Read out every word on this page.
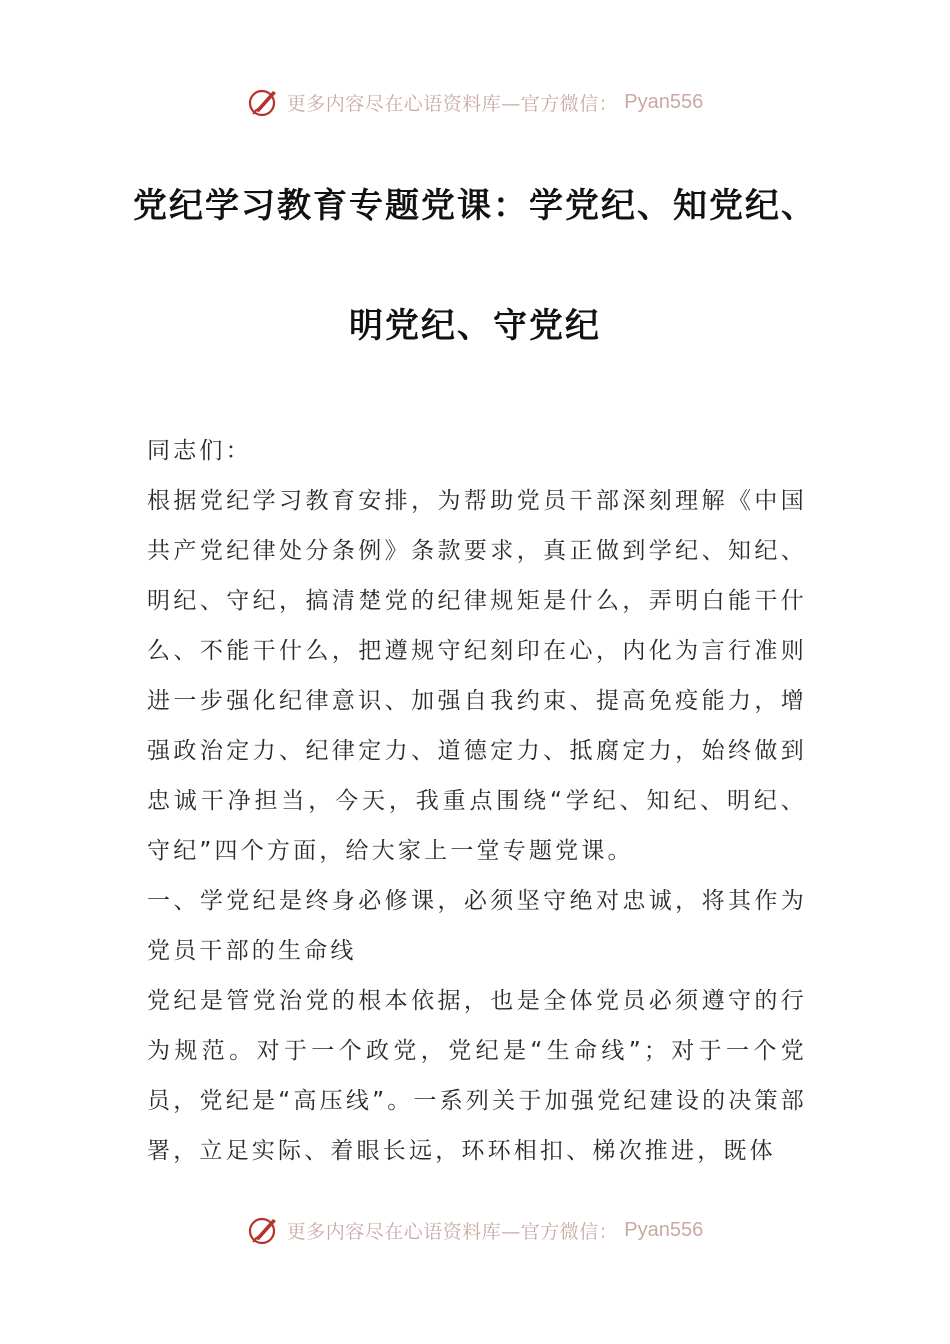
更多内容尽在心语资料库—官方微信： Pyan556
党纪学习教育专题党课：学党纪、知党纪、
明党纪、守党纪

同志们：

根据党纪学习教育安排，为帮助党员干部深刻理解《中国共产党纪律处分条例》条款要求，真正做到学纪、知纪、明纪、守纪，搞清楚党的纪律规矩是什么，弄明白能干什么、不能干什么，把遵规守纪刻印在心，内化为言行准则进一步强化纪律意识、加强自我约束、提高免疫能力，增强政治定力、纪律定力、道德定力、抵腐定力，始终做到忠诚干净担当，今天，我重点围绕“学纪、知纪、明纪、守纪”四个方面，给大家上一堂专题党课。

一、学党纪是终身必修课，必须坚守绝对忠诚，将其作为党员干部的生命线

党纪是管党治党的根本依据，也是全体党员必须遵守的行为规范。对于一个政党，党纪是“生命线”；对于一个党员，党纪是“高压线”。一系列关于加强党纪建设的决策部署，立足实际、着眼长远，环环相扣、梯次推进，既体

更多内容尽在心语资料库—官方微信： Pyan556
